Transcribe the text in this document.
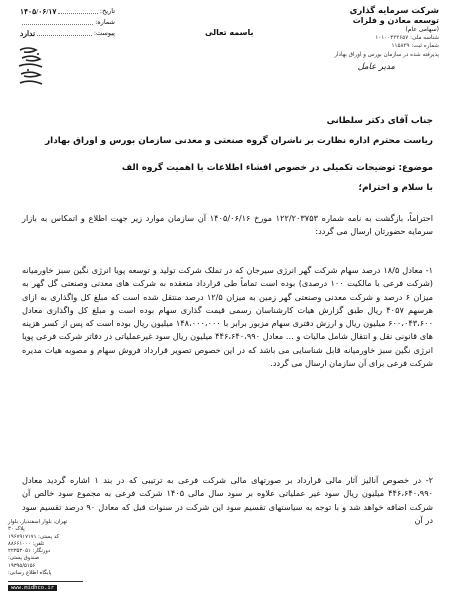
تاریخ:
۱۴۰۵/۰۶/۱۷
شماره:
پیوست:
ندارد
شرکت سرمایه گذاری
توسعه معادن و فلزات
(سهامی عام)
شناسه ملی: ۱۰۱۰۰۴۳۳۶۵۷
شماره ثبت: ۱۱۵۸۳۹
پذیرفته شده در سازمان بورس و اوراق بهادار
باسمه تعالی
مدیر عامل
جناب آقای دکتر سلطانی
ریاست محترم اداره نظارت بر ناشران گروه صنعتی و معدنی سازمان بورس و اوراق بهادار
موضوع: توضیحات تکمیلی در خصوص افشاء اطلاعات با اهمیت گروه الف
با سلام و احترام؛
احتراماً، بازگشت به نامه شماره ۱۲۲/۲۰۳۷۵۳ مورخ ۱۴۰۵/۰۶/۱۶ آن سازمان موارد زیر جهت اطلاع و اتمکاس به بازار سرمایه حضورتان ارسال می گردد:
۱- معادل ۱۸/۵ درصد سهام شرکت گهر انرژی سیرجان که در تملک شرکت تولید و توسعه پویا انرژی نگین سبز خاورمیانه (شرکت فرعی با مالکیت ۱۰۰ درصدی) بوده است تماماً طی قرارداد منعقده به شرکت های معدنی وصنعتی گل گهر به میزان ۶ درصد و شرکت معدنی وصنعتی گهر زمین به میزان ۱۲/۵ درصد منتقل شده است که مبلغ کل واگذاری به ازای هرسهم ۴۰۵۷ ریال طبق گزارش هیات کارشناسان رسمی قیمت گذاری سهام بوده است و مبلغ کل واگذاری معادل ۶۰۰،۰۴۳،۶۰۰ میلیون ریال و ارزش دفتری سهام مزبور برابر با ۱۴۸،۰۰۰،۰۰۰ میلیون ریال بوده است که پس از کسر هزینه های قانونی نقل و انتقال شامل مالیات و ... معادل ۴۴۶،۶۴۰،۹۹۰ میلیون ریال سود غیرعملیاتی در دفاتر شرکت فرعی پویا انرژی نگین سبز خاورمیانه قابل شناسایی می باشد که در این خصوص تصویر قرارداد فروش سهام و مصوبه هیات مدیره شرکت فرعی برای آن سازمان ارسال می گردد.
۲- در خصوص آنالیز آثار مالی قرارداد بر صورتهای مالی شرکت فرعی به ترتیبی که در بند ۱ اشاره گردید معادل ۴۴۶،۶۴۰،۹۹۰ میلیون ریال سود غیر عملیاتی علاوه بر سود سال مالی ۱۴۰۵ شرکت فرعی به مجموع سود خالص آن شرکت اضافه خواهد شد و با توجه به سیاستهای تقسیم سود این شرکت در سنوات قبل که معادل ۹۰ درصد تقسیم سود در آن
تهران، بلوار اسفندیار، بلوار
پلاک ۳۰
کد پستی: ۱۹۶۷۹۱۷۱۷۱
تلفن: ۸۸۶۶۱۰۰۰
دورنگار: ۲۲۳۵۳۰۵۱
صندوق پستی:
۱۹۳۹۵/۵۱۵۶
پایگاه اطلاع رسانی:
www.midhco.ir
